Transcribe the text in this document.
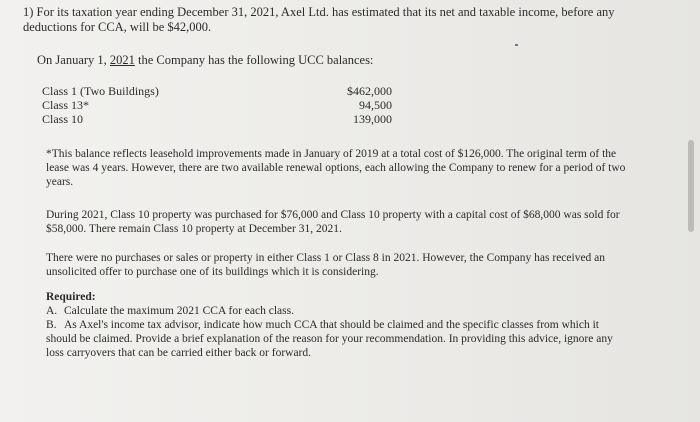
1) For its taxation year ending December 31, 2021, Axel Ltd. has estimated that its net and taxable income, before any deductions for CCA, will be $42,000.

On January 1, 2021 the Company has the following UCC balances:

Class 1 (Two Buildings)	$462,000
Class 13*	94,500
Class 10	139,000

*This balance reflects leasehold improvements made in January of 2019 at a total cost of $126,000. The original term of the lease was 4 years. However, there are two available renewal options, each allowing the Company to renew for a period of two years.

During 2021, Class 10 property was purchased for $76,000 and Class 10 property with a capital cost of $68,000 was sold for $58,000. There remain Class 10 property at December 31, 2021.

There were no purchases or sales or property in either Class 1 or Class 8 in 2021. However, the Company has received an unsolicited offer to purchase one of its buildings which it is considering.

Required:

A. Calculate the maximum 2021 CCA for each class.

B. As Axel's income tax advisor, indicate how much CCA that should be claimed and the specific classes from which it should be claimed. Provide a brief explanation of the reason for your recommendation. In providing this advice, ignore any loss carryovers that can be carried either back or forward.
